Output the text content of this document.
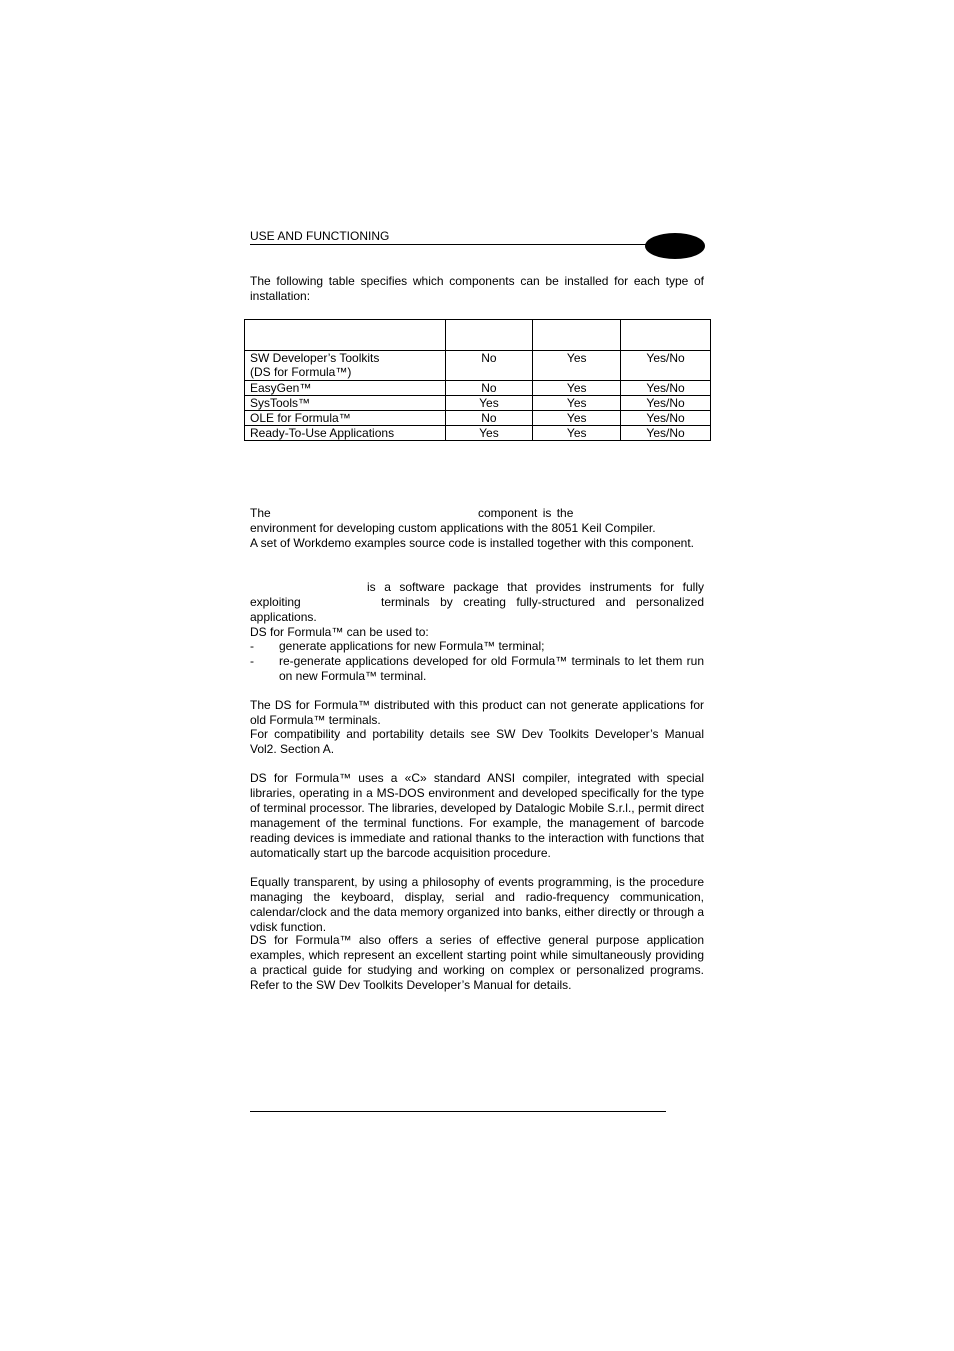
USE AND FUNCTIONING
The following table specifies which components can be installed for each type of installation:

SW Developer’s Toolkits
(DS for Formula™)	No	Yes	Yes/No
EasyGen™	No	Yes	Yes/No
SysTools™	Yes	Yes	Yes/No
OLE for Formula™	No	Yes	Yes/No
Ready-To-Use Applications	Yes	Yes	Yes/No
The	component is the
environment for developing custom applications with the 8051 Keil Compiler.
A set of Workdemo examples source code is installed together with this component.
is a software package that provides instruments for fully
exploiting	terminals by creating fully-structured and personalized
applications.
DS for Formula™ can be used to:
- generate applications for new Formula™ terminal;
- re-generate applications developed for old Formula™ terminals to let them run on new Formula™ terminal.
The DS for Formula™ distributed with this product can not generate applications for old Formula™ terminals.
For compatibility and portability details see SW Dev Toolkits Developer’s Manual Vol2. Section A.
DS for Formula™ uses a «C» standard ANSI compiler, integrated with special libraries, operating in a MS-DOS environment and developed specifically for the type of terminal processor. The libraries, developed by Datalogic Mobile S.r.l., permit direct management of the terminal functions. For example, the management of barcode reading devices is immediate and rational thanks to the interaction with functions that automatically start up the barcode acquisition procedure.
Equally transparent, by using a philosophy of events programming, is the procedure managing the keyboard, display, serial and radio-frequency communication, calendar/clock and the data memory organized into banks, either directly or through a vdisk function.
DS for Formula™ also offers a series of effective general purpose application examples, which represent an excellent starting point while simultaneously providing a practical guide for studying and working on complex or personalized programs. Refer to the SW Dev Toolkits Developer’s Manual for details.
